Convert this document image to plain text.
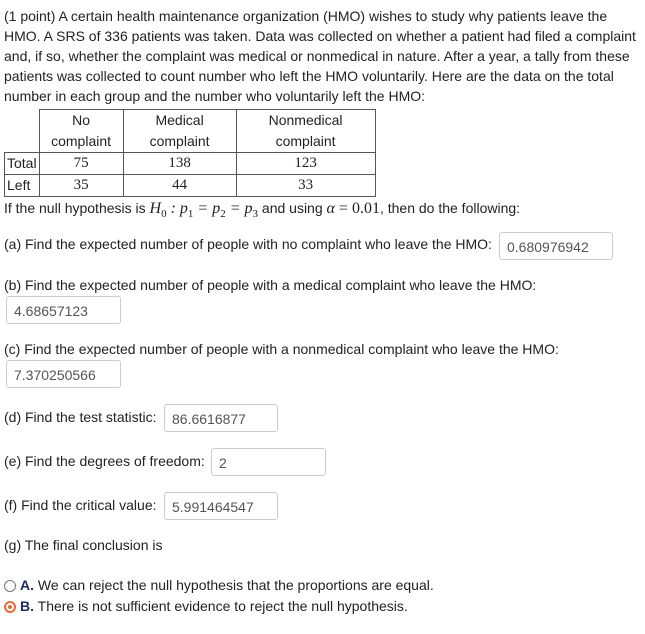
(1 point) A certain health maintenance organization (HMO) wishes to study why patients leave the HMO. A SRS of 336 patients was taken. Data was collected on whether a patient had filed a complaint and, if so, whether the complaint was medical or nonmedical in nature. After a year, a tally from these patients was collected to count number who left the HMO voluntarily. Here are the data on the total number in each group and the number who voluntarily left the HMO:
	No complaint	Medical complaint	Nonmedical complaint
Total	75	138	123
Left	35	44	33
If the null hypothesis is $H_0$ : $p_1 = p_2 = p_3$ and using α = 0.01, then do the following:
(a) Find the expected number of people with no complaint who leave the HMO:	0.680976942
(b) Find the expected number of people with a medical complaint who leave the HMO:
4.68657123
(c) Find the expected number of people with a nonmedical complaint who leave the HMO:
7.370250566
(d) Find the test statistic:	86.6616877
(e) Find the degrees of freedom:	2
(f) Find the critical value:	5.991464547
(g) The final conclusion is
A. We can reject the null hypothesis that the proportions are equal.
B. There is not sufficient evidence to reject the null hypothesis.
